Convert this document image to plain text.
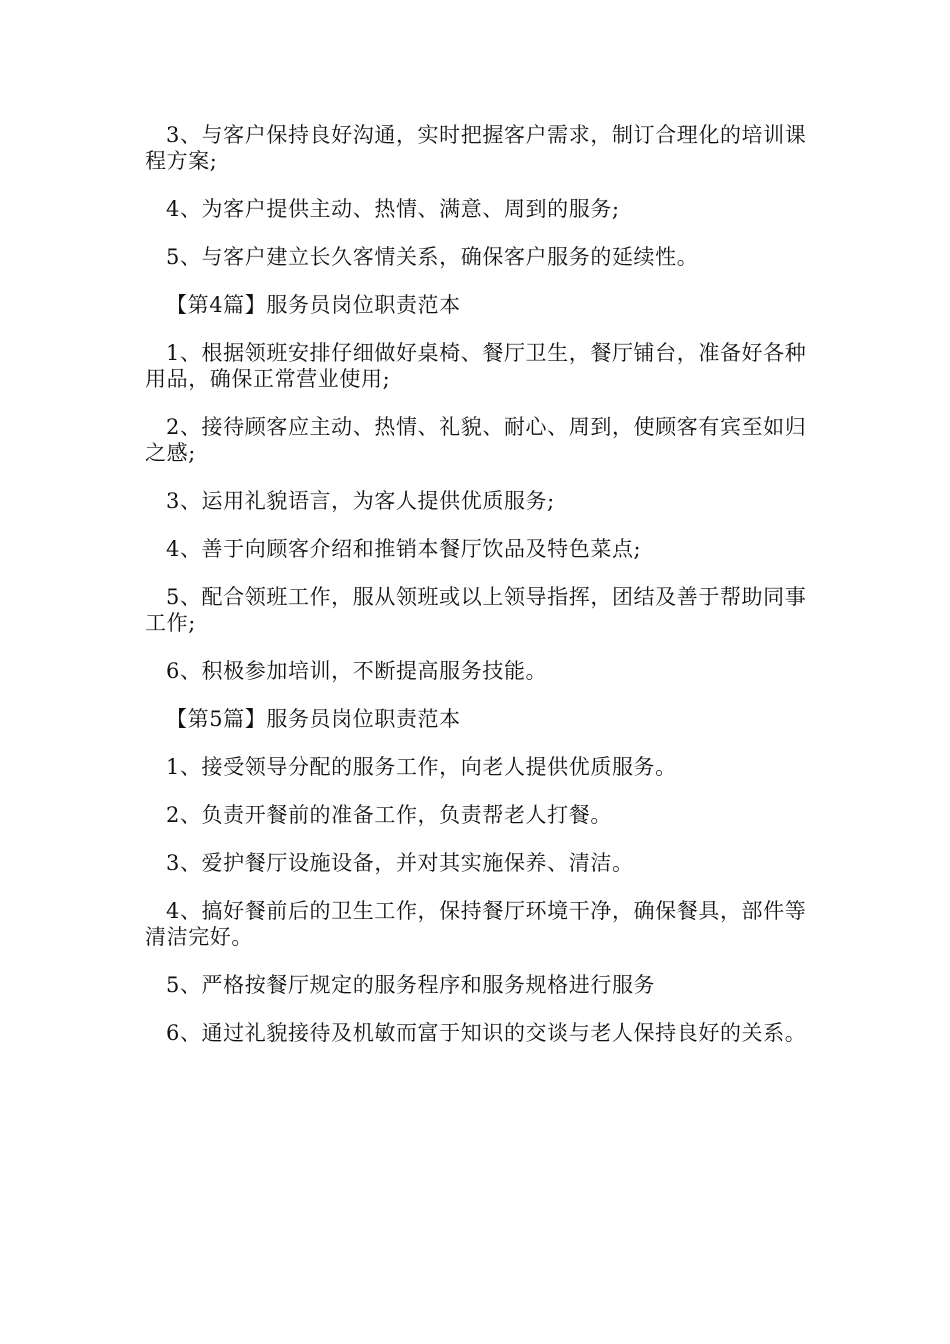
3、与客户保持良好沟通，实时把握客户需求，制订合理化的培训课程方案;

4、为客户提供主动、热情、满意、周到的服务;

5、与客户建立长久客情关系，确保客户服务的延续性。

【第4篇】服务员岗位职责范本

1、根据领班安排仔细做好桌椅、餐厅卫生，餐厅铺台，准备好各种用品，确保正常营业使用;

2、接待顾客应主动、热情、礼貌、耐心、周到，使顾客有宾至如归之感;

3、运用礼貌语言，为客人提供优质服务;

4、善于向顾客介绍和推销本餐厅饮品及特色菜点;

5、配合领班工作，服从领班或以上领导指挥，团结及善于帮助同事工作;

6、积极参加培训，不断提高服务技能。

【第5篇】服务员岗位职责范本

1、接受领导分配的服务工作，向老人提供优质服务。

2、负责开餐前的准备工作，负责帮老人打餐。

3、爱护餐厅设施设备，并对其实施保养、清洁。

4、搞好餐前后的卫生工作，保持餐厅环境干净，确保餐具，部件等清洁完好。

5、严格按餐厅规定的服务程序和服务规格进行服务

6、通过礼貌接待及机敏而富于知识的交谈与老人保持良好的关系。
